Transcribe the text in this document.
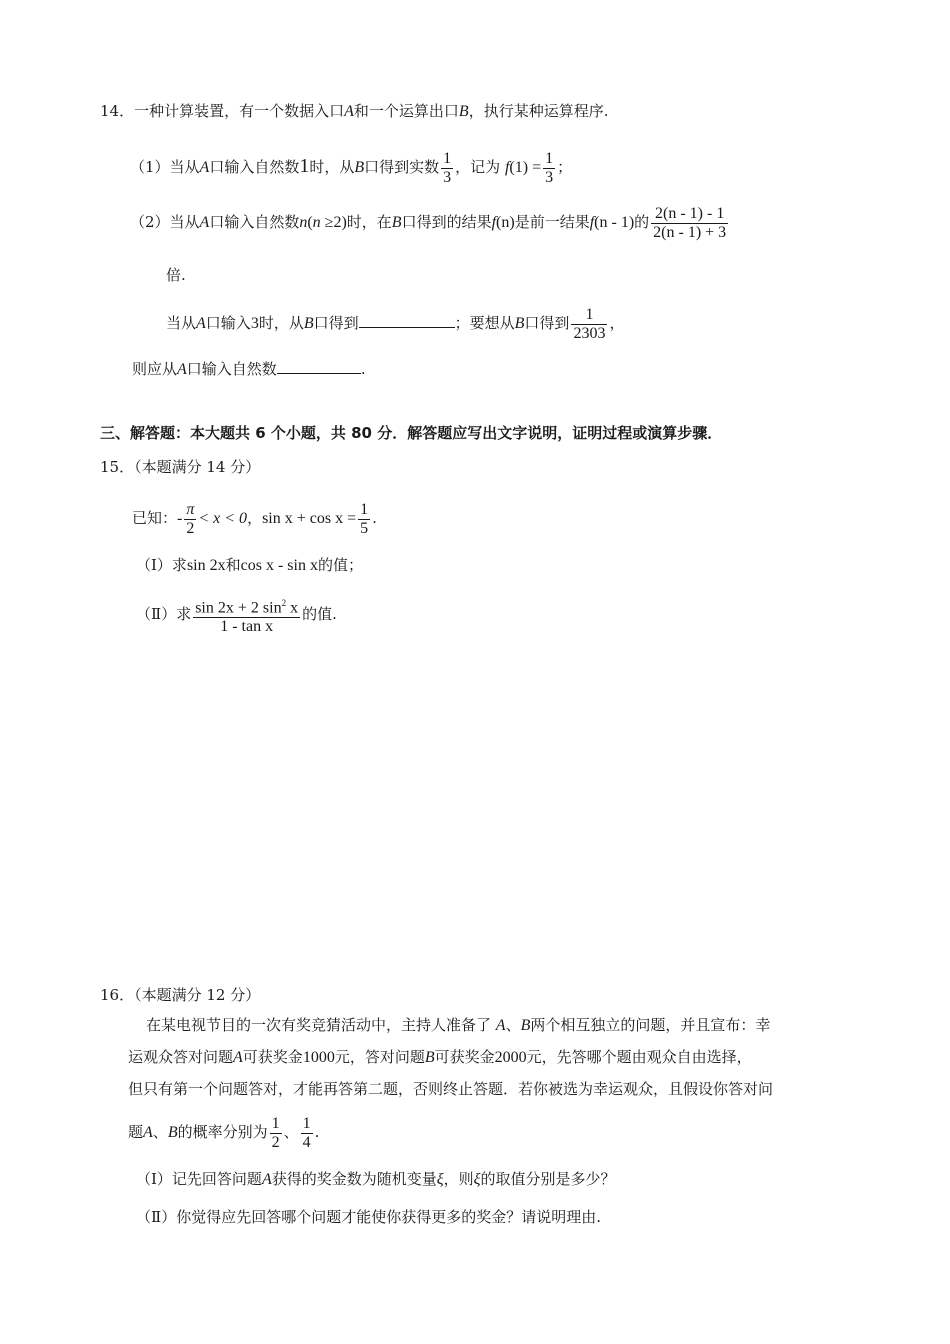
14．一种计算装置，有一个数据入口A和一个运算出口B，执行某种运算程序.
（1）当从A口输入自然数1时，从B口得到实数 $\frac{1}{3}$ ，记为 $f(1) = \frac{1}{3}$ ；
（2）当从A口输入自然数n(n ≥2)时，在B口得到的结果f(n)是前一结果f(n - 1)的 $\frac{2(n - 1) - 1}{2(n - 1) + 3}$
倍.
当从A口输入3时，从B口得到	；要想从B口得到 $\frac{1}{2303}$ ，
则应从A口输入自然数	.
三、解答题：本大题共 6 个小题，共 80 分．解答题应写出文字说明，证明过程或演算步骤．
15．（本题满分 14 分）
已知：- $\frac{\pi}{2} < x < 0$，$\sin x + \cos x = \frac{1}{5}$ .
（Ⅰ）求sin 2x和cos x - sin x的值；
（Ⅱ）求 $\frac{\sin 2x + 2 \sin^2 x}{\text{1 - tan x}}$ 的值.
16．（本题满分 12 分）
在某电视节目的一次有奖竞猜活动中，主持人准备了 A、B两个相互独立的问题，并且宣布：幸
运观众答对问题A可获奖金1000元，答对问题B可获奖金2000元，先答哪个题由观众自由选择，
但只有第一个问题答对，才能再答第二题，否则终止答题．若你被选为幸运观众，且假设你答对问
题A、B的概率分别为 $\frac{1}{2}$ 、 $\frac{1}{4}$ .
（Ⅰ）记先回答问题A获得的奖金数为随机变量ξ，则ξ的取值分别是多少？
（Ⅱ）你觉得应先回答哪个问题才能使你获得更多的奖金？请说明理由.
